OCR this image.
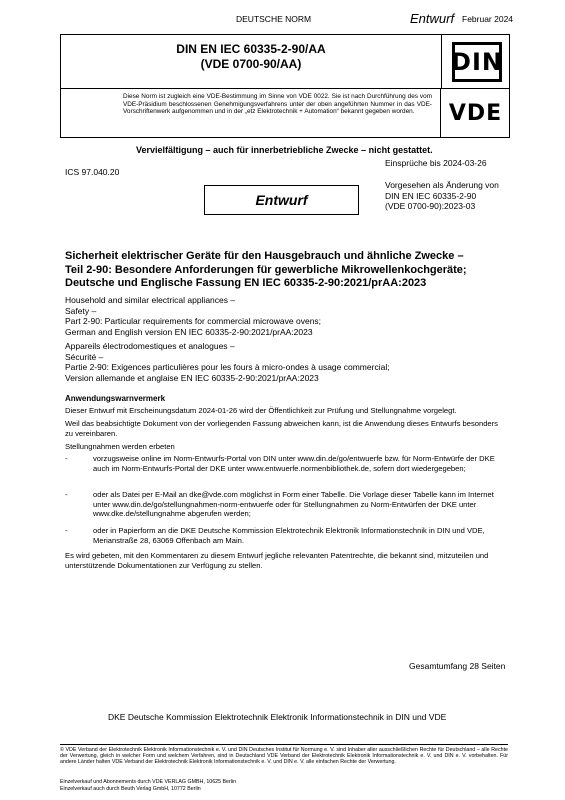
DEUTSCHE NORM	Entwurf Februar 2024
DIN EN IEC 60335-2-90/AA
(VDE 0700-90/AA)	DIN
Diese Norm ist zugleich eine VDE-Bestimmung im Sinne von VDE 0022. Sie ist nach Durchführung des vom VDE-Präsidium beschlossenen Genehmigungsverfahrens unter der oben angeführten Nummer in das VDE-Vorschriftenwerk aufgenommen und in der „etz Elektrotechnik + Automation“ bekannt gegeben worden.	VDE
Vervielfältigung – auch für innerbetriebliche Zwecke – nicht gestattet.
Einsprüche bis 2024-03-26
ICS 97.040.20
Entwurf
Vorgesehen als Änderung von
DIN EN IEC 60335-2-90
(VDE 0700-90):2023-03
Sicherheit elektrischer Geräte für den Hausgebrauch und ähnliche Zwecke –
Teil 2-90: Besondere Anforderungen für gewerbliche Mikrowellenkochgeräte;
Deutsche und Englische Fassung EN IEC 60335-2-90:2021/prAA:2023
Household and similar electrical appliances –
Safety –
Part 2-90: Particular requirements for commercial microwave ovens;
German and English version EN IEC 60335-2-90:2021/prAA:2023
Appareils électrodomestiques et analogues –
Sécurité –
Partie 2-90: Exigences particulières pour les fours à micro-ondes à usage commercial;
Version allemande et anglaise EN IEC 60335-2-90:2021/prAA:2023
Anwendungswarnvermerk
Dieser Entwurf mit Erscheinungsdatum 2024-01-26 wird der Öffentlichkeit zur Prüfung und Stellungnahme vorgelegt.
Weil das beabsichtigte Dokument von der vorliegenden Fassung abweichen kann, ist die Anwendung dieses Entwurfs besonders zu vereinbaren.
Stellungnahmen werden erbeten
-	vorzugsweise online im Norm-Entwurfs-Portal von DIN unter www.din.de/go/entwuerfe bzw. für Norm-Entwürfe der DKE auch im Norm-Entwurfs-Portal der DKE unter www.entwuerfe.normenbibliothek.de, sofern dort wiedergegeben;
-	oder als Datei per E-Mail an dke@vde.com möglichst in Form einer Tabelle. Die Vorlage dieser Tabelle kann im Internet unter www.din.de/go/stellungnahmen-norm-entwuerfe oder für Stellungnahmen zu Norm-Entwürfen der DKE unter www.dke.de/stellungnahme abgerufen werden;
-	oder in Papierform an die DKE Deutsche Kommission Elektrotechnik Elektronik Informationstechnik in DIN und VDE, Merianstraße 28, 63069 Offenbach am Main.
Es wird gebeten, mit den Kommentaren zu diesem Entwurf jegliche relevanten Patentrechte, die bekannt sind, mitzuteilen und unterstützende Dokumentationen zur Verfügung zu stellen.
Gesamtumfang 28 Seiten
DKE Deutsche Kommission Elektrotechnik Elektronik Informationstechnik in DIN und VDE
© VDE Verband der Elektrotechnik Elektronik Informationstechnik e. V. und DIN Deutsches Institut für Normung e. V. sind Inhaber aller ausschließlichen Rechte für Deutschland – alle Rechte der Verwertung, gleich in welcher Form und welchem Verfahren, sind in Deutschland VDE Verband der Elektrotechnik Elektronik Informationstechnik e. V. und DIN e. V. vorbehalten. Für andere Länder halten VDE Verband der Elektrotechnik Elektronik Informationstechnik e. V. und DIN e. V. alle einfachen Rechte der Verwertung.
Einzelverkauf und Abonnements durch VDE VERLAG GMBH, 10625 Berlin
Einzelverkauf auch durch Beuth Verlag GmbH, 10772 Berlin
